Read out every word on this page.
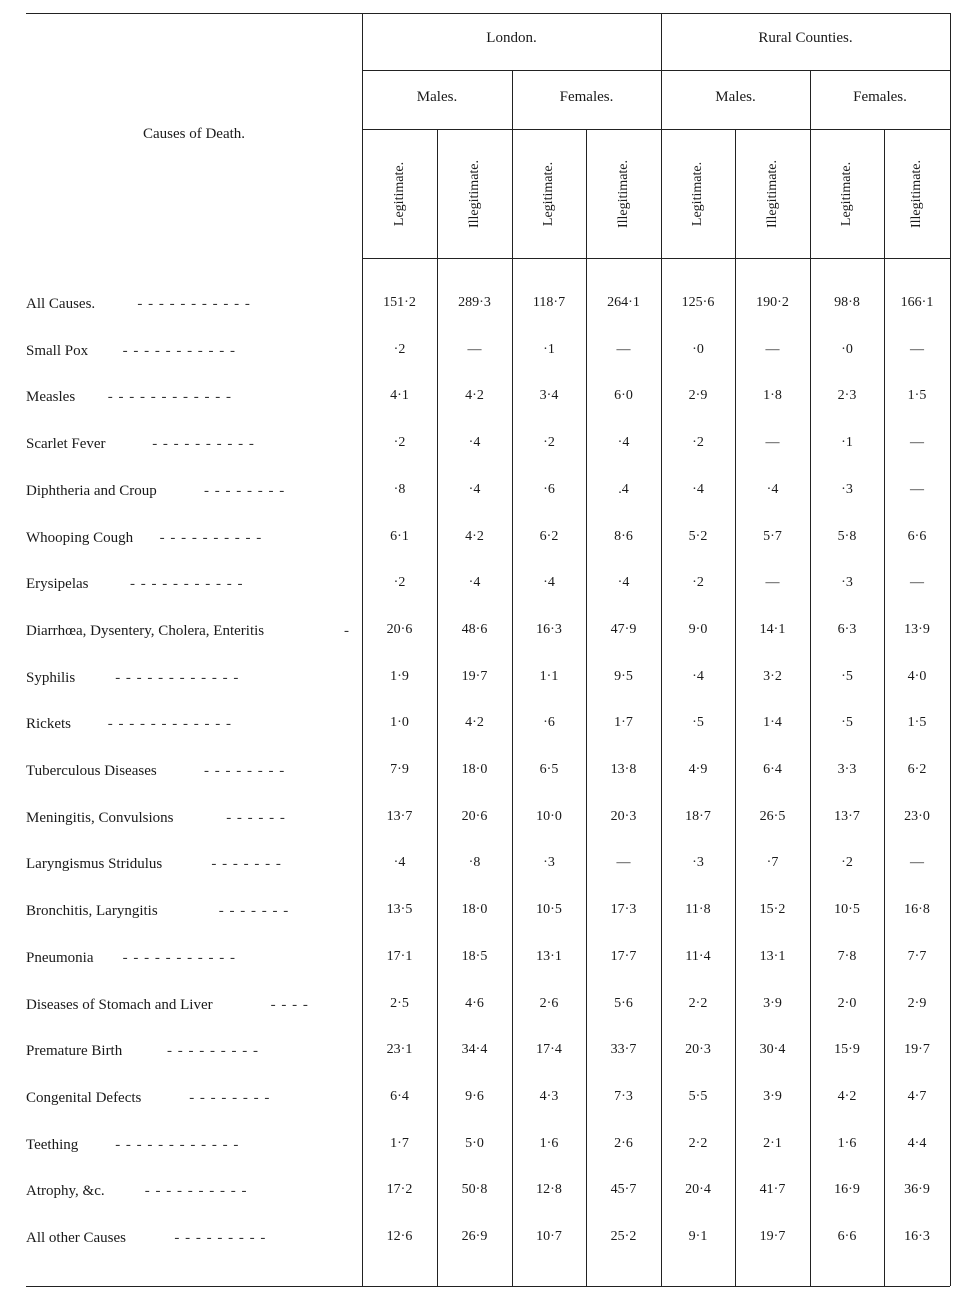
Causes of Death.
London.
Males.
Legitimate.	Illegitimate.
Females.
Legitimate.	Illegitimate.
Rural Counties.
Males.
Legitimate.	Illegitimate.
Females.
Legitimate.	Illegitimate.
All Causes.	- - - - - - - - - - -	151·2	289·3	118·7	264·1	125·6	190·2	98·8	166·1
Small Pox - - - - - - - - - - -	·2	—	·1	—	·0	—	·0	—
Measles - - - - - - - - - - - -	4·1	4·2	3·4	6·0	2·9	1·8	2·3	1·5
Scarlet Fever	- - - - - - - - - -	·2	·4	·2	·4	·2	—	·1	—
Diphtheria and Croup	- - - - - - - -	·8	·4	·6	.4	·4	·4	·3	—
Whooping Cough - - - - - - - - - -	6·1	4·2	6·2	8·6	5·2	5·7	5·8	6·6
Erysipelas	- - - - - - - - - - -	·2	·4	·4	·4	·2	—	·3	—
Diarrhœa, Dysentery, Cholera, Enteritis	-	20·6	48·6	16·3	47·9	9·0	14·1	6·3	13·9
Syphilis	- - - - - - - - - - - -	1·9	19·7	1·1	9·5	·4	3·2	·5	4·0
Rickets - - - - - - - - - - - -	1·0	4·2	·6	1·7	·5	1·4	·5	1·5
Tuberculous Diseases	- - - - - - - -	7·9	18·0	6·5	13·8	4·9	6·4	3·3	6·2
Meningitis, Convulsions	- - - - - -	13·7	20·6	10·0	20·3	18·7	26·5	13·7	23·0
Laryngismus Stridulus	- - - - - - -	·4	·8	·3	—	·3	·7	·2	—
Bronchitis, Laryngitis	- - - - - - -	13·5	18·0	10·5	17·3	11·8	15·2	10·5	16·8
Pneumonia - - - - - - - - - - -	17·1	18·5	13·1	17·7	11·4	13·1	7·8	7·7
Diseases of Stomach and Liver	- - - -	2·5	4·6	2·6	5·6	2·2	3·9	2·0	2·9
Premature Birth	- - - - - - - - -	23·1	34·4	17·4	33·7	20·3	30·4	15·9	19·7
Congenital Defects	- - - - - - - -	6·4	9·6	4·3	7·3	5·5	3·9	4·2	4·7
Teething - - - - - - - - - - - -	1·7	5·0	1·6	2·6	2·2	2·1	1·6	4·4
Atrophy, &c.	- - - - - - - - - -	17·2	50·8	12·8	45·7	20·4	41·7	16·9	36·9
All other Causes	- - - - - - - - -	12·6	26·9	10·7	25·2	9·1	19·7	6·6	16·3
